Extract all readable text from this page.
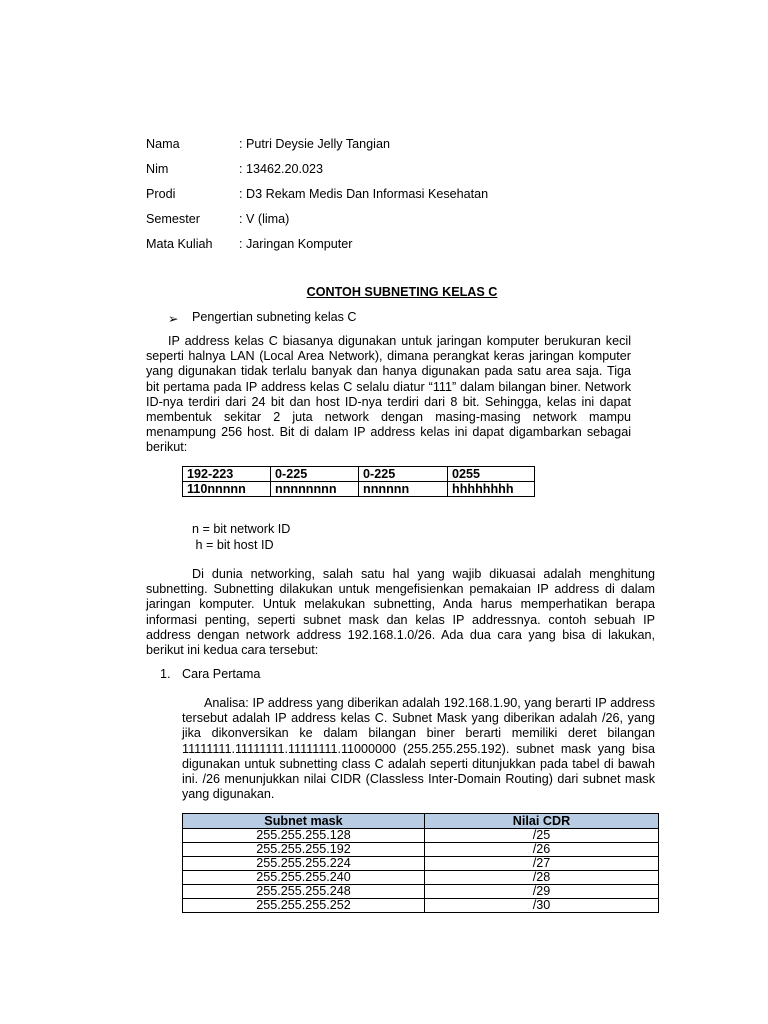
Nama	: Putri Deysie Jelly Tangian
Nim	: 13462.20.023
Prodi	: D3 Rekam Medis Dan Informasi Kesehatan
Semester	: V (lima)
Mata Kuliah : Jaringan Komputer
CONTOH SUBNETING KELAS C
➢ Pengertian subneting kelas C
IP address kelas C biasanya digunakan untuk jaringan komputer berukuran kecil seperti halnya LAN (Local Area Network), dimana perangkat keras jaringan komputer yang digunakan tidak terlalu banyak dan hanya digunakan pada satu area saja. Tiga bit pertama pada IP address kelas C selalu diatur “111” dalam bilangan biner. Network ID-nya terdiri dari 24 bit dan host ID-nya terdiri dari 8 bit. Sehingga, kelas ini dapat membentuk sekitar 2 juta network dengan masing-masing network mampu menampung 256 host. Bit di dalam IP address kelas ini dapat digambarkan sebagai berikut:
192-223	0-225	0-225	0255
110nnnnn	nnnnnnnn	nnnnnn	hhhhhhhh
n = bit network ID
h = bit host ID
Di dunia networking, salah satu hal yang wajib dikuasai adalah menghitung subnetting. Subnetting dilakukan untuk mengefisienkan pemakaian IP address di dalam jaringan komputer. Untuk melakukan subnetting, Anda harus memperhatikan berapa informasi penting, seperti subnet mask dan kelas IP addressnya. contoh sebuah IP address dengan network address 192.168.1.0/26. Ada dua cara yang bisa di lakukan, berikut ini kedua cara tersebut:
1. Cara Pertama
Analisa: IP address yang diberikan adalah 192.168.1.90, yang berarti IP address tersebut adalah IP address kelas C. Subnet Mask yang diberikan adalah /26, yang jika dikonversikan ke dalam bilangan biner berarti memiliki deret bilangan 11111111.11111111.11111111.11000000 (255.255.255.192). subnet mask yang bisa digunakan untuk subnetting class C adalah seperti ditunjukkan pada tabel di bawah ini. /26 menunjukkan nilai CIDR (Classless Inter-Domain Routing) dari subnet mask yang digunakan.
Subnet mask	Nilai CDR
255.255.255.128	/25
255.255.255.192	/26
255.255.255.224	/27
255.255.255.240	/28
255.255.255.248	/29
255.255.255.252	/30
